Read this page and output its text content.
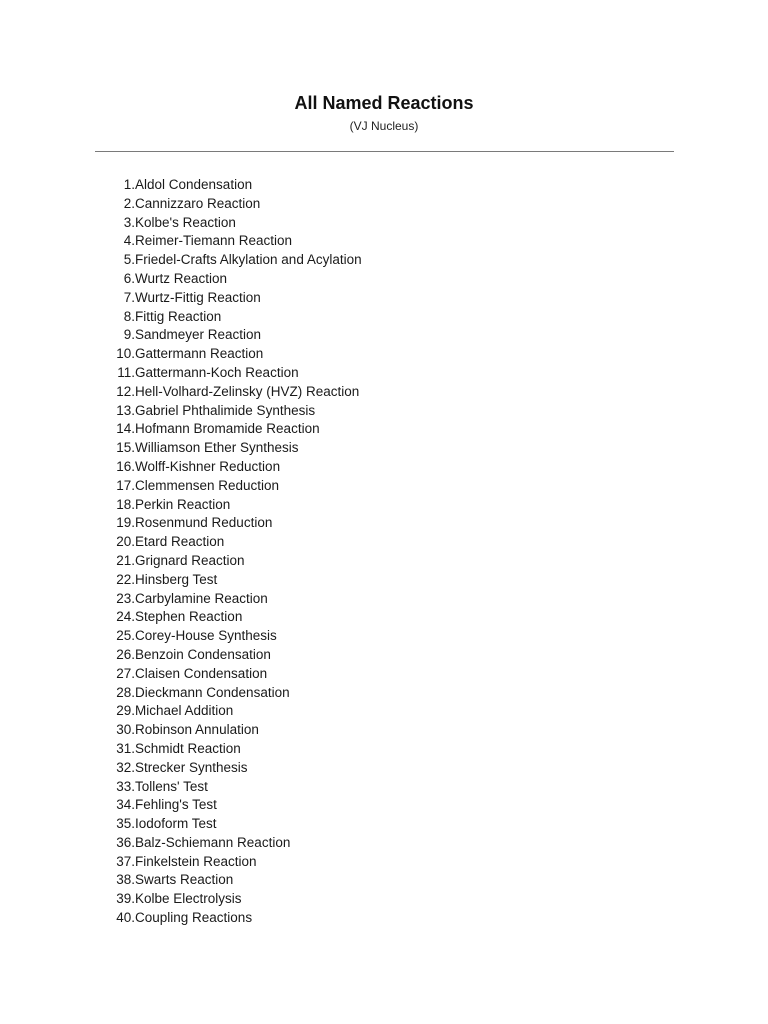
All Named Reactions
(VJ Nucleus)
1. Aldol Condensation
2. Cannizzaro Reaction
3. Kolbe's Reaction
4. Reimer-Tiemann Reaction
5. Friedel-Crafts Alkylation and Acylation
6. Wurtz Reaction
7. Wurtz-Fittig Reaction
8. Fittig Reaction
9. Sandmeyer Reaction
10. Gattermann Reaction
11. Gattermann-Koch Reaction
12. Hell-Volhard-Zelinsky (HVZ) Reaction
13. Gabriel Phthalimide Synthesis
14. Hofmann Bromamide Reaction
15. Williamson Ether Synthesis
16. Wolff-Kishner Reduction
17. Clemmensen Reduction
18. Perkin Reaction
19. Rosenmund Reduction
20. Etard Reaction
21. Grignard Reaction
22. Hinsberg Test
23. Carbylamine Reaction
24. Stephen Reaction
25. Corey-House Synthesis
26. Benzoin Condensation
27. Claisen Condensation
28. Dieckmann Condensation
29. Michael Addition
30. Robinson Annulation
31. Schmidt Reaction
32. Strecker Synthesis
33. Tollens' Test
34. Fehling's Test
35. Iodoform Test
36. Balz-Schiemann Reaction
37. Finkelstein Reaction
38. Swarts Reaction
39. Kolbe Electrolysis
40. Coupling Reactions
